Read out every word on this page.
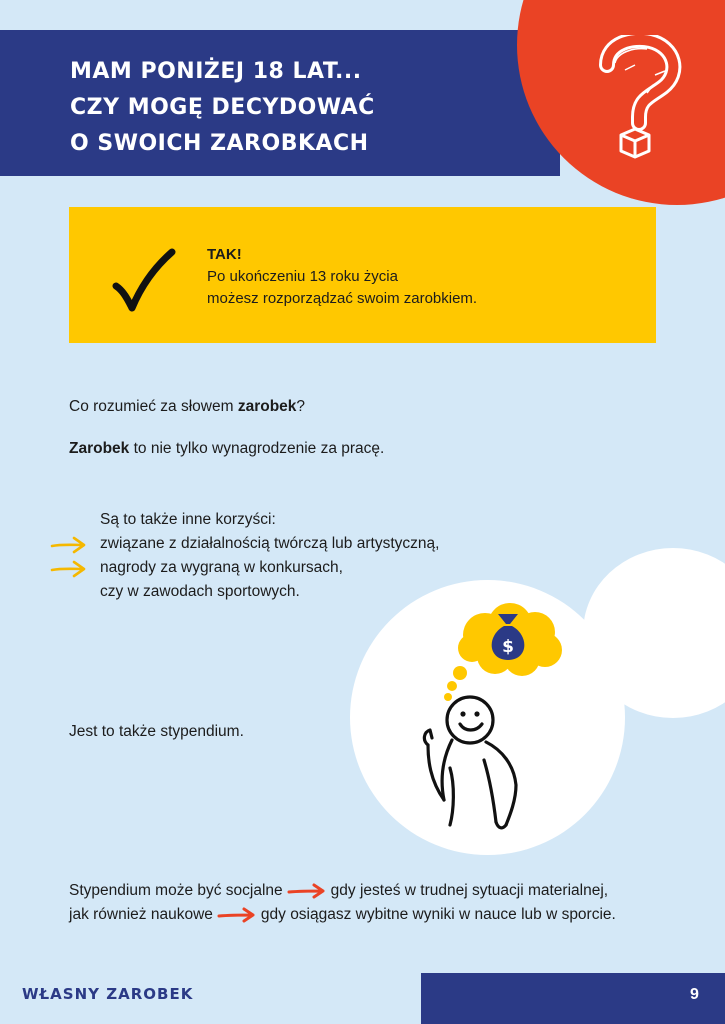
MAM PONIŻEJ 18 LAT...
CZY MOGĘ DECYDOWAĆ
O SWOICH ZAROBKACH
TAK!
Po ukończeniu 13 roku życia
możesz rozporządzać swoim zarobkiem.
Co rozumieć za słowem zarobek?
Zarobek to nie tylko wynagrodzenie za pracę.
Są to także inne korzyści:
związane z działalnością twórczą lub artystyczną,
nagrody za wygraną w konkursach,
czy w zawodach sportowych.
$
Jest to także stypendium.
Stypendium może być socjalne	gdy jesteś w trudnej sytuacji materialnej,
jak również naukowe	gdy osiągasz wybitne wyniki w nauce lub w sporcie.

WŁASNY ZAROBEK	9
